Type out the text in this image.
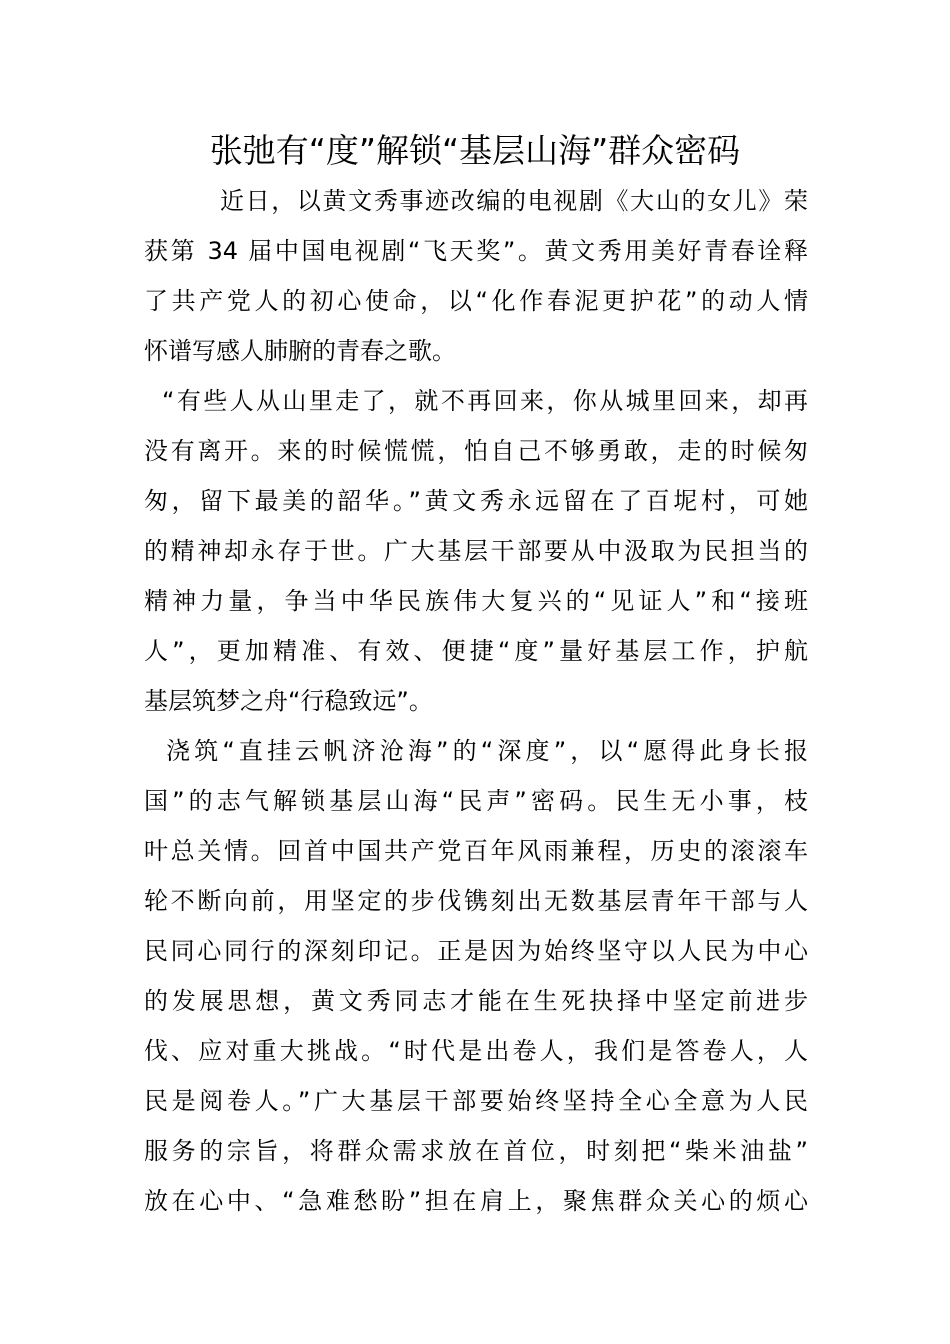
张弛有“度”解锁“基层山海”群众密码
近日，以黄文秀事迹改编的电视剧《大山的女儿》荣
获第 34 届中国电视剧“飞天奖”。黄文秀用美好青春诠释
了共产党人的初心使命，以“化作春泥更护花”的动人情
怀谱写感人肺腑的青春之歌。
“有些人从山里走了，就不再回来，你从城里回来，却再
没有离开。来的时候慌慌，怕自己不够勇敢，走的时候匆
匆，留下最美的韶华。”黄文秀永远留在了百坭村，可她
的精神却永存于世。广大基层干部要从中汲取为民担当的
精神力量，争当中华民族伟大复兴的“见证人”和“接班
人”，更加精准、有效、便捷“度”量好基层工作，护航
基层筑梦之舟“行稳致远”。
浇筑“直挂云帆济沧海”的“深度”，以“愿得此身长报
国”的志气解锁基层山海“民声”密码。民生无小事，枝
叶总关情。回首中国共产党百年风雨兼程，历史的滚滚车
轮不断向前，用坚定的步伐镌刻出无数基层青年干部与人
民同心同行的深刻印记。正是因为始终坚守以人民为中心
的发展思想，黄文秀同志才能在生死抉择中坚定前进步
伐、应对重大挑战。“时代是出卷人，我们是答卷人，人
民是阅卷人。”广大基层干部要始终坚持全心全意为人民
服务的宗旨，将群众需求放在首位，时刻把“柴米油盐”
放在心中、“急难愁盼”担在肩上，聚焦群众关心的烦心
